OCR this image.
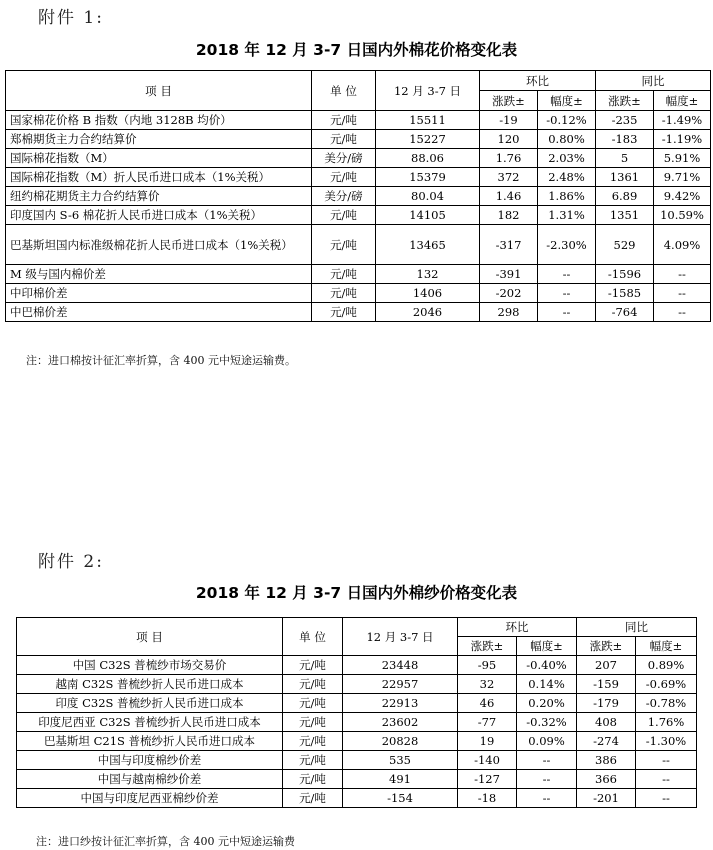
附件 1:
2018 年 12 月 3-7 日国内外棉花价格变化表
项 目	单 位	12 月 3-7 日	环比		同比	
			涨跌±	幅度±	涨跌±	幅度±
国家棉花价格 B 指数（内地 3128B 均价）	元/吨	15511	-19	-0.12%	-235	-1.49%
郑棉期货主力合约结算价	元/吨	15227	120	0.80%	-183	-1.19%
国际棉花指数（M）	美分/磅	88.06	1.76	2.03%	5	5.91%
国际棉花指数（M）折人民币进口成本（1%关税）	元/吨	15379	372	2.48%	1361	9.71%
纽约棉花期货主力合约结算价	美分/磅	80.04	1.46	1.86%	6.89	9.42%
印度国内 S-6 棉花折人民币进口成本（1%关税）	元/吨	14105	182	1.31%	1351	10.59%
巴基斯坦国内标准级棉花折人民币进口成本（1%关税）	元/吨	13465	-317	-2.30%	529	4.09%
M 级与国内棉价差	元/吨	132	-391	--	-1596	--
中印棉价差	元/吨	1406	-202	--	-1585	--
中巴棉价差	元/吨	2046	298	--	-764	--
注：进口棉按计征汇率折算，含 400 元中短途运输费。
附件 2:
2018 年 12 月 3-7 日国内外棉纱价格变化表
项 目	单 位	12 月 3-7 日	环比		同比	
			涨跌±	幅度±	涨跌±	幅度±
中国 C32S 普梳纱市场交易价	元/吨	23448	-95	-0.40%	207	0.89%
越南 C32S 普梳纱折人民币进口成本	元/吨	22957	32	0.14%	-159	-0.69%
印度 C32S 普梳纱折人民币进口成本	元/吨	22913	46	0.20%	-179	-0.78%
印度尼西亚 C32S 普梳纱折人民币进口成本	元/吨	23602	-77	-0.32%	408	1.76%
巴基斯坦 C21S 普梳纱折人民币进口成本	元/吨	20828	19	0.09%	-274	-1.30%
中国与印度棉纱价差	元/吨	535	-140	--	386	--
中国与越南棉纱价差	元/吨	491	-127	--	366	--
中国与印度尼西亚棉纱价差	元/吨	-154	-18	--	-201	--
注：进口纱按计征汇率折算，含 400 元中短途运输费
